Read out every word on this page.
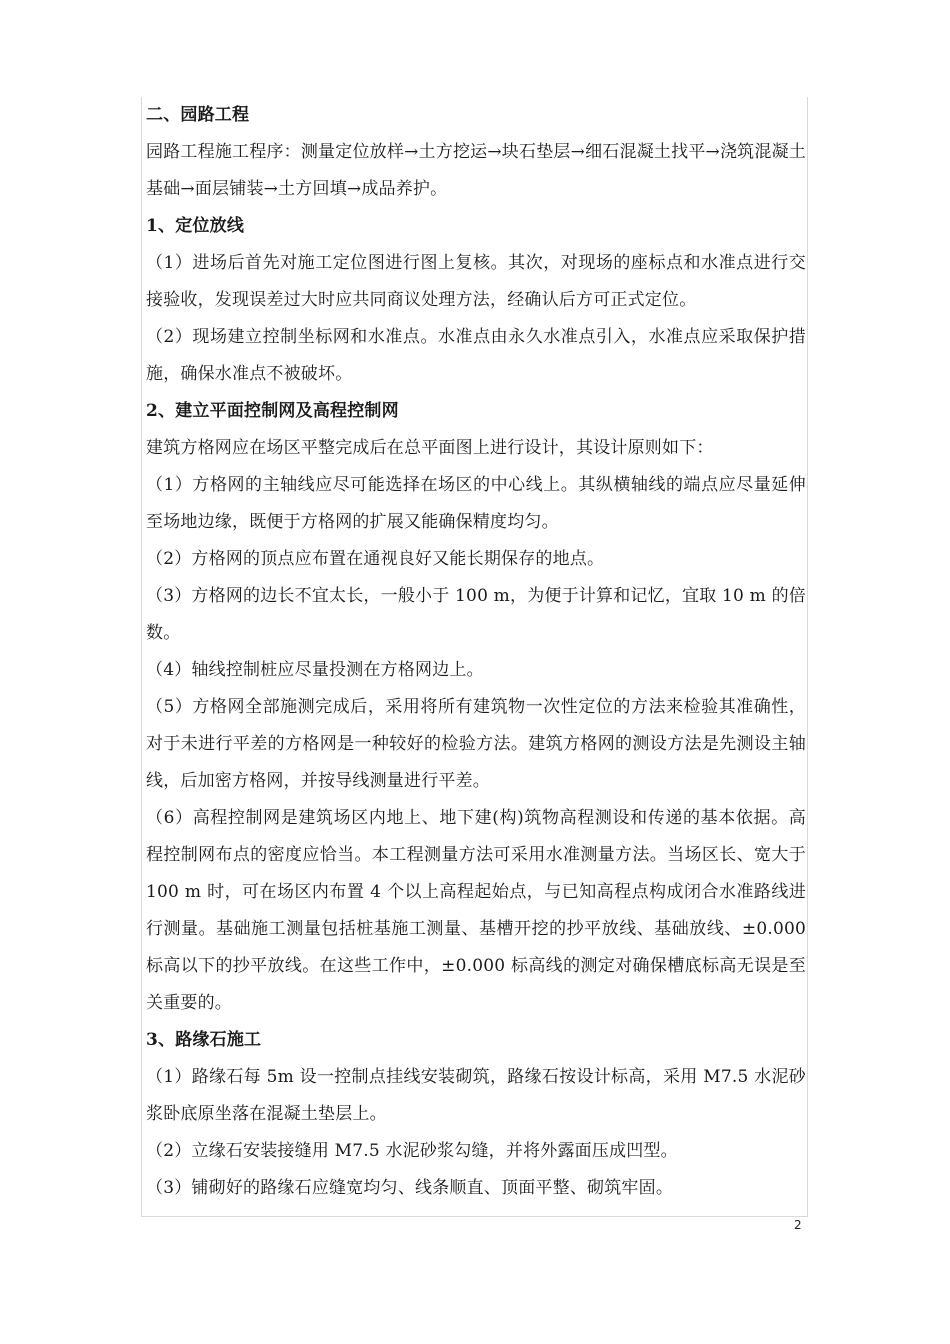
二、园路工程

园路工程施工程序：测量定位放样→土方挖运→块石垫层→细石混凝土找平→浇筑混凝土基础→面层铺装→土方回填→成品养护。

1、定位放线

（1）进场后首先对施工定位图进行图上复核。其次，对现场的座标点和水准点进行交接验收，发现误差过大时应共同商议处理方法，经确认后方可正式定位。

（2）现场建立控制坐标网和水准点。水准点由永久水准点引入，水准点应采取保护措施，确保水准点不被破坏。

2、建立平面控制网及高程控制网

建筑方格网应在场区平整完成后在总平面图上进行设计，其设计原则如下：

（1）方格网的主轴线应尽可能选择在场区的中心线上。其纵横轴线的端点应尽量延伸至场地边缘，既便于方格网的扩展又能确保精度均匀。

（2）方格网的顶点应布置在通视良好又能长期保存的地点。

（3）方格网的边长不宜太长，一般小于 100 m，为便于计算和记忆，宜取 10 m 的倍数。

（4）轴线控制桩应尽量投测在方格网边上。

（5）方格网全部施测完成后，采用将所有建筑物一次性定位的方法来检验其准确性，对于未进行平差的方格网是一种较好的检验方法。建筑方格网的测设方法是先测设主轴线，后加密方格网，并按导线测量进行平差。

（6）高程控制网是建筑场区内地上、地下建(构)筑物高程测设和传递的基本依据。高程控制网布点的密度应恰当。本工程测量方法可采用水准测量方法。当场区长、宽大于 100 m 时，可在场区内布置 4 个以上高程起始点，与已知高程点构成闭合水准路线进行测量。基础施工测量包括桩基施工测量、基槽开挖的抄平放线、基础放线、±0.000 标高以下的抄平放线。在这些工作中，±0.000 标高线的测定对确保槽底标高无误是至关重要的。

3、路缘石施工

（1）路缘石每 5m 设一控制点挂线安装砌筑，路缘石按设计标高，采用 M7.5 水泥砂浆卧底原坐落在混凝土垫层上。

（2）立缘石安装接缝用 M7.5 水泥砂浆勾缝，并将外露面压成凹型。

（3）铺砌好的路缘石应缝宽均匀、线条顺直、顶面平整、砌筑牢固。

2
